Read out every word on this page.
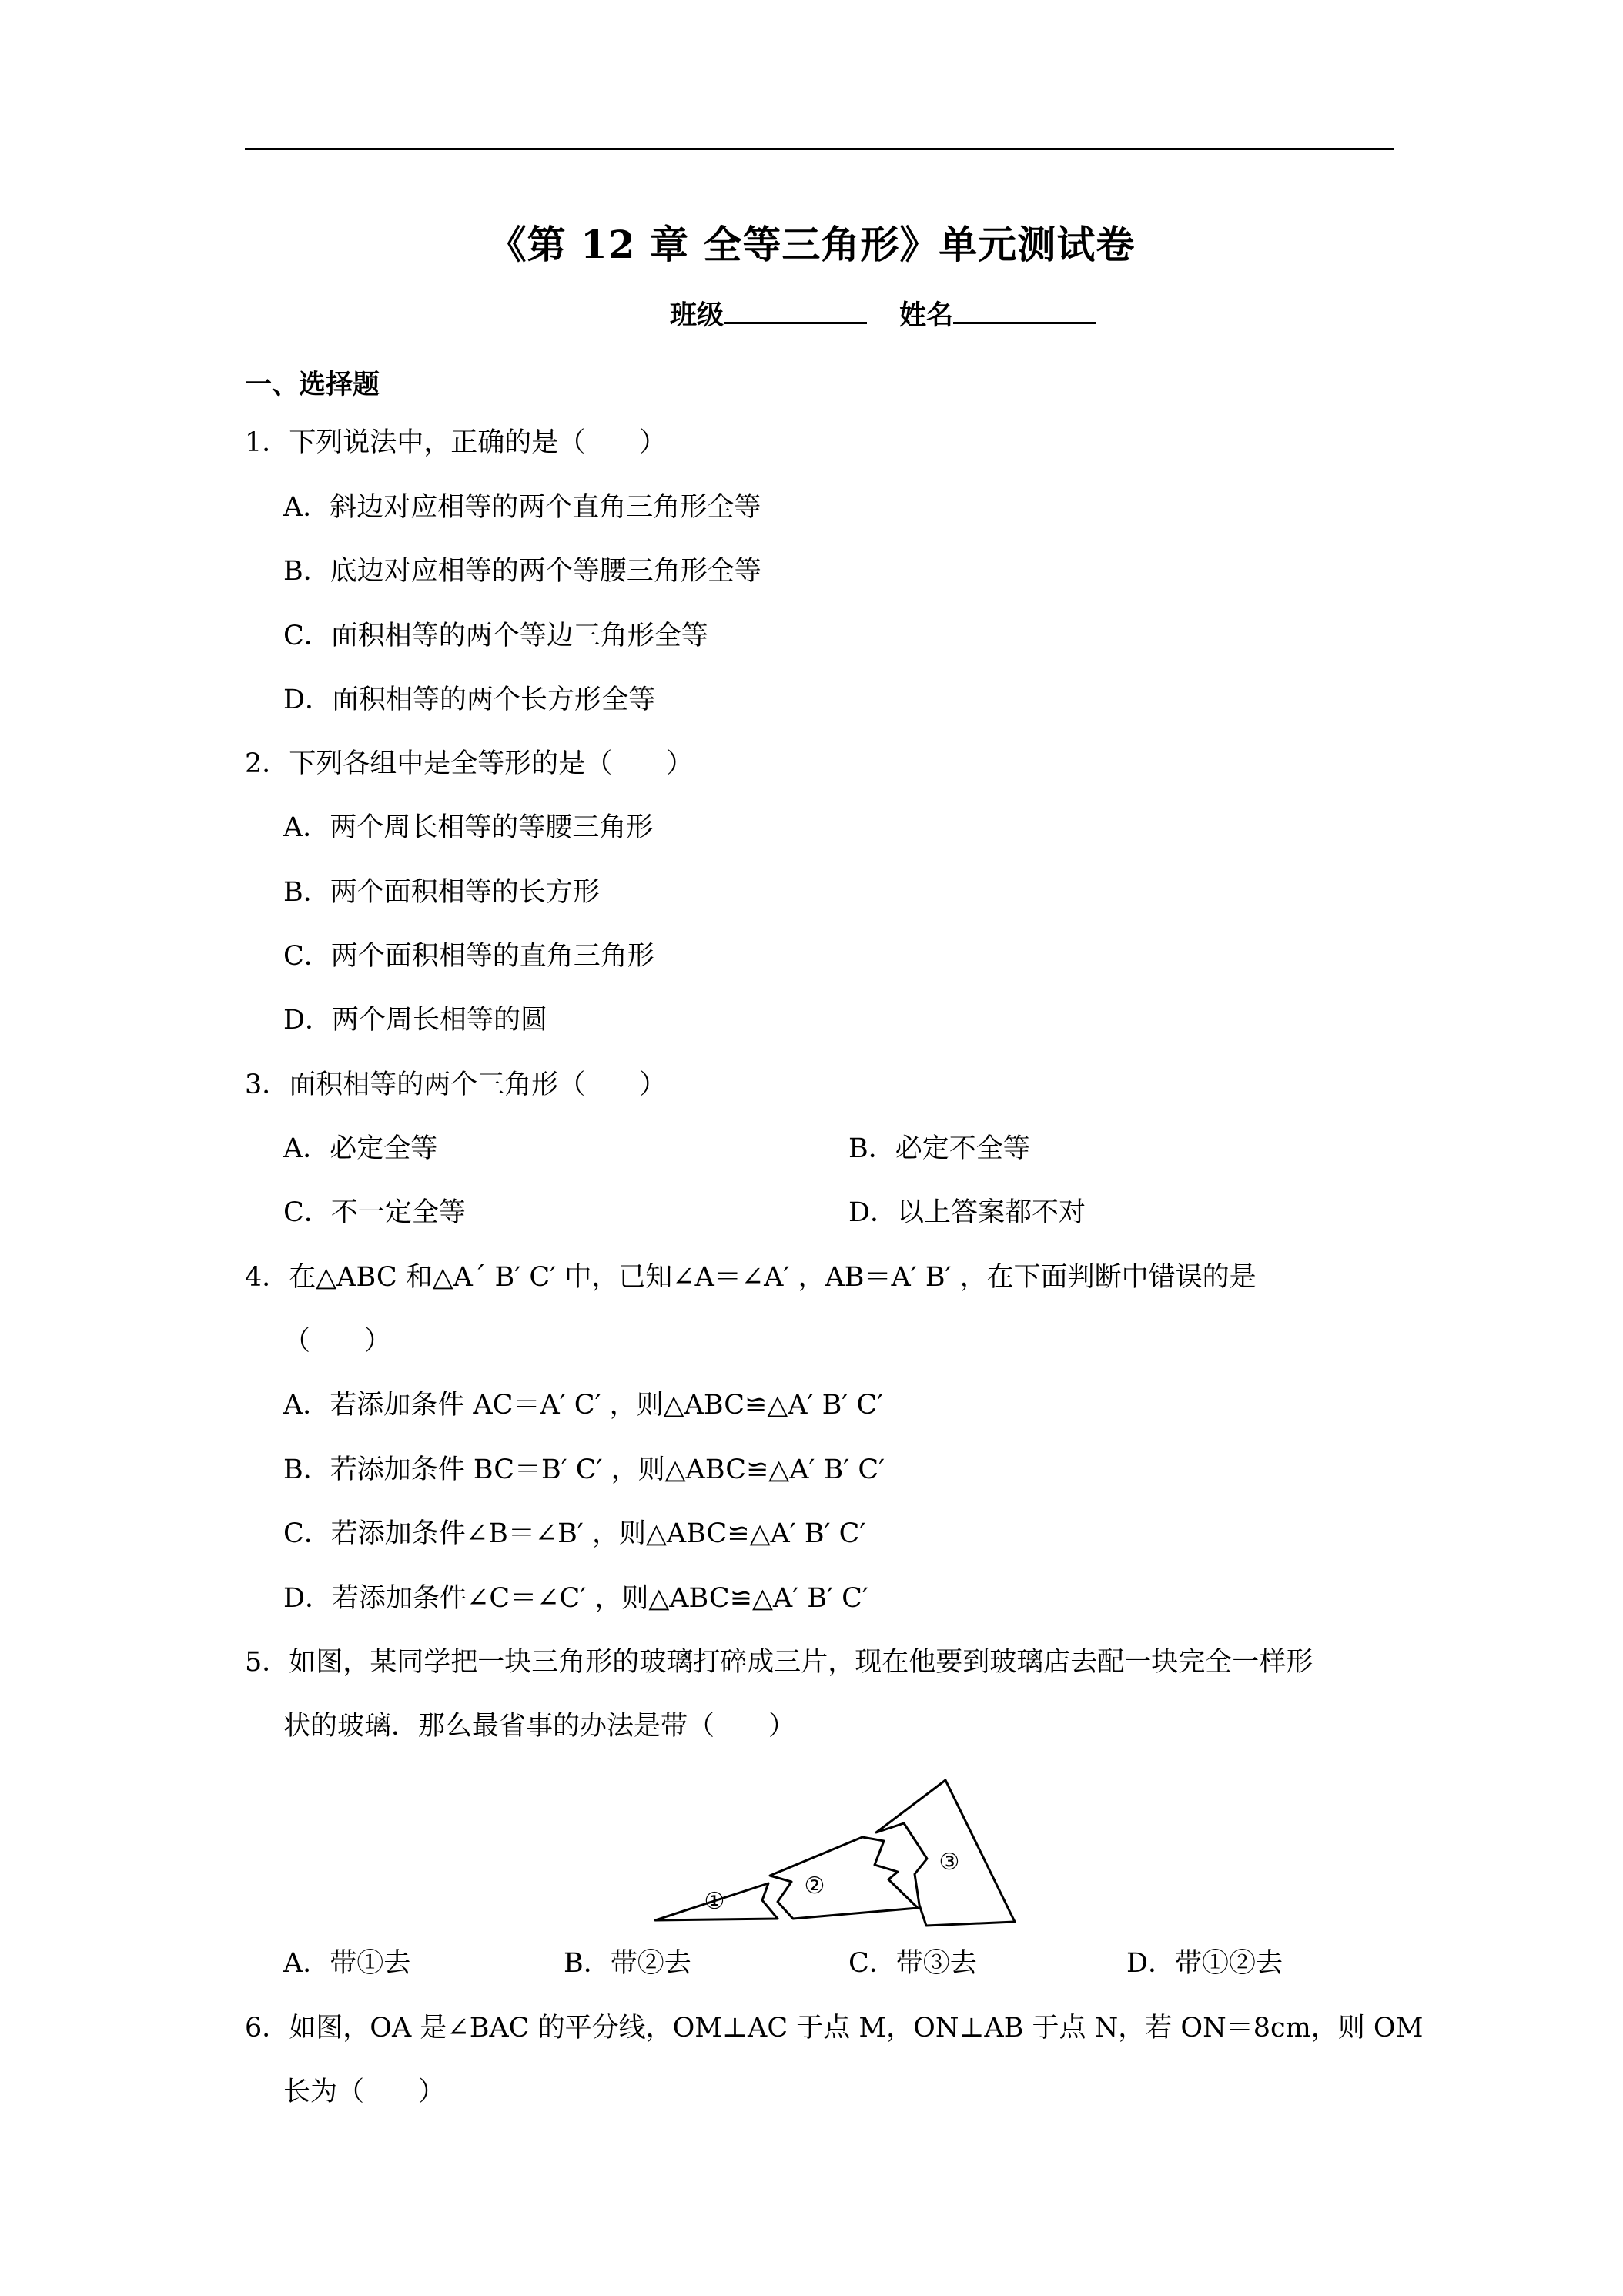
《第 12 章 全等三角形》单元测试卷
班级	姓名
一、选择题
1．下列说法中，正确的是（　　）
A．斜边对应相等的两个直角三角形全等
B．底边对应相等的两个等腰三角形全等
C．面积相等的两个等边三角形全等
D．面积相等的两个长方形全等
2．下列各组中是全等形的是（　　）
A．两个周长相等的等腰三角形
B．两个面积相等的长方形
C．两个面积相等的直角三角形
D．两个周长相等的圆
3．面积相等的两个三角形（　　）
A．必定全等	B．必定不全等
C．不一定全等	D．以上答案都不对
4．在△ABC 和△A´ B′ C′ 中，已知∠A＝∠A′ ，AB＝A′ B′ ，在下面判断中错误的是
（　　）
A．若添加条件 AC＝A′ C′ ，则△ABC≌△A′ B′ C′
B．若添加条件 BC＝B′ C′ ，则△ABC≌△A′ B′ C′
C．若添加条件∠B＝∠B′ ，则△ABC≌△A′ B′ C′
D．若添加条件∠C＝∠C′ ，则△ABC≌△A′ B′ C′
5．如图，某同学把一块三角形的玻璃打碎成三片，现在他要到玻璃店去配一块完全一样形
状的玻璃．那么最省事的办法是带（　　）
①
②
③
A．带①去	B．带②去	C．带③去	D．带①②去
6．如图，OA 是∠BAC 的平分线，OM⊥AC 于点 M，ON⊥AB 于点 N，若 ON＝8cm，则 OM
长为（　　）
